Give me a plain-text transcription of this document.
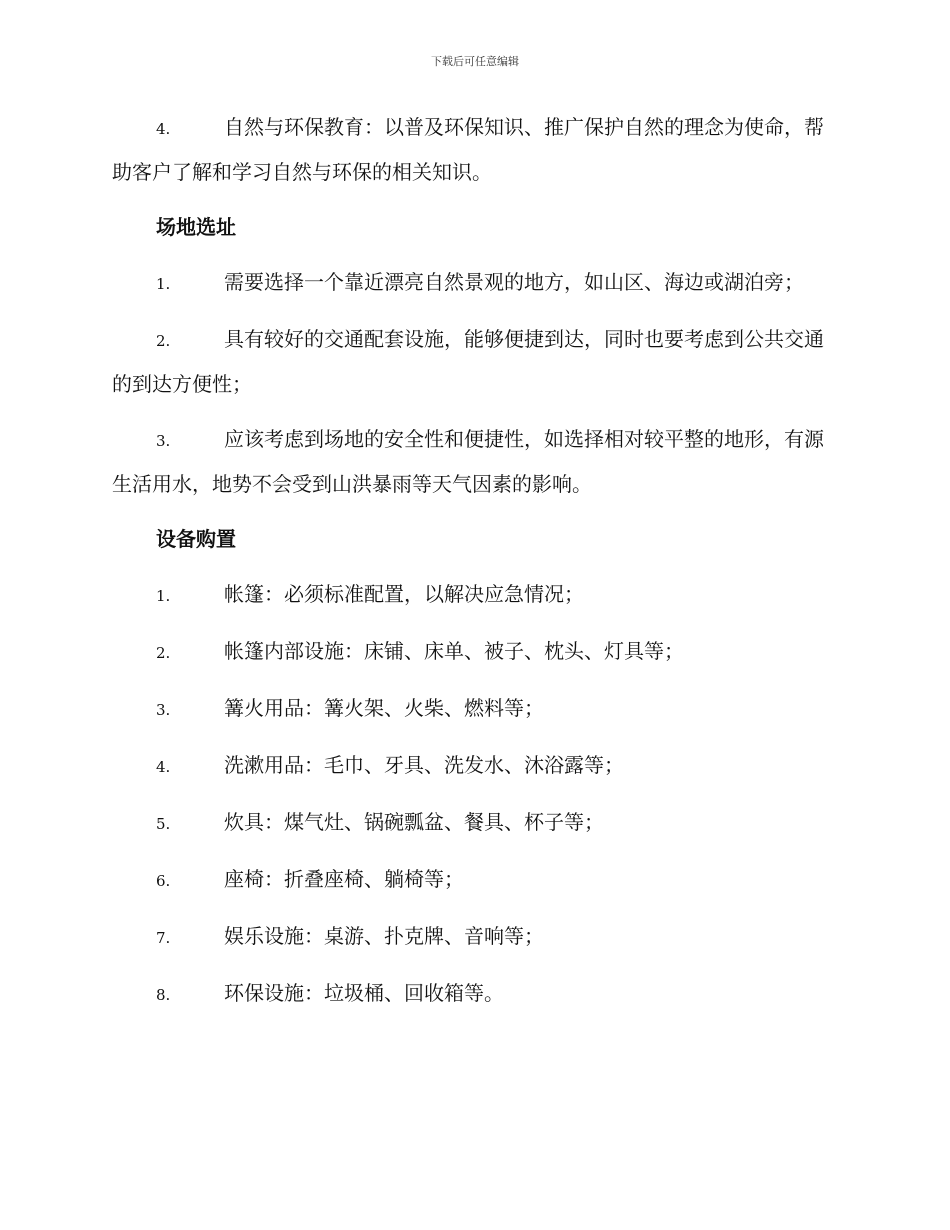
下载后可任意编辑

4.	自然与环保教育：以普及环保知识、推广保护自然的理念为使命，帮助客户了解和学习自然与环保的相关知识。

场地选址

1.	需要选择一个靠近漂亮自然景观的地方，如山区、海边或湖泊旁；

2.	具有较好的交通配套设施，能够便捷到达，同时也要考虑到公共交通的到达方便性；

3.	应该考虑到场地的安全性和便捷性，如选择相对较平整的地形，有源生活用水，地势不会受到山洪暴雨等天气因素的影响。

设备购置
1.	帐篷：必须标准配置，以解决应急情况；
2.	帐篷内部设施：床铺、床单、被子、枕头、灯具等；
3.	篝火用品：篝火架、火柴、燃料等；
4.	洗漱用品：毛巾、牙具、洗发水、沐浴露等；
5.	炊具：煤气灶、锅碗瓢盆、餐具、杯子等；
6.	座椅：折叠座椅、躺椅等；
7.	娱乐设施：桌游、扑克牌、音响等；
8.	环保设施：垃圾桶、回收箱等。
